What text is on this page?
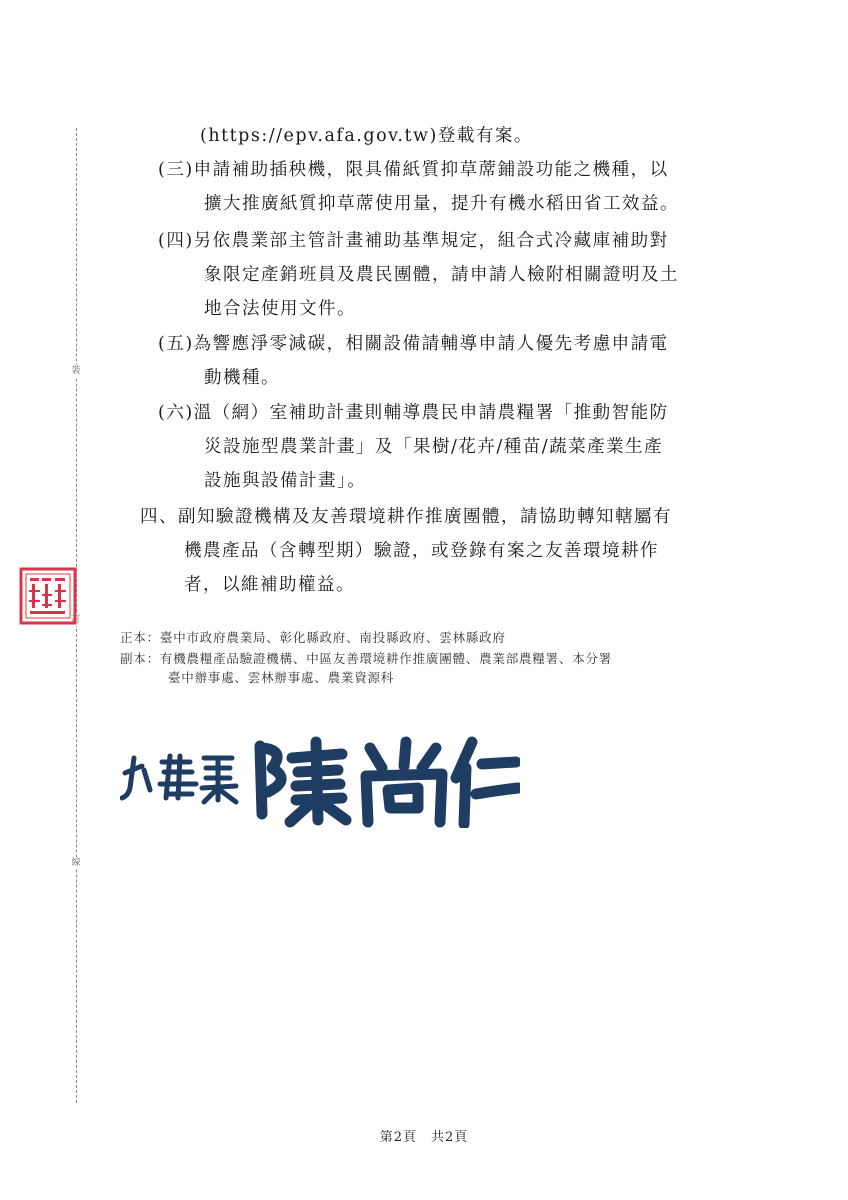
裝
訂
線

(https://epv.afa.gov.tw)登載有案。

(三)申請補助插秧機，限具備紙質抑草蓆鋪設功能之機種，以

擴大推廣紙質抑草蓆使用量，提升有機水稻田省工效益。

(四)另依農業部主管計畫補助基準規定，組合式冷藏庫補助對

象限定產銷班員及農民團體，請申請人檢附相關證明及土

地合法使用文件。

(五)為響應淨零減碳，相關設備請輔導申請人優先考慮申請電

動機種。

(六)溫（網）室補助計畫則輔導農民申請農糧署「推動智能防

災設施型農業計畫」及「果樹/花卉/種苗/蔬菜產業生產

設施與設備計畫」。

四、副知驗證機構及友善環境耕作推廣團體，請協助轉知轄屬有

機農產品（含轉型期）驗證，或登錄有案之友善環境耕作

者，以維補助權益。

正本：臺中市政府農業局、彰化縣政府、南投縣政府、雲林縣政府
副本：有機農糧產品驗證機構、中區友善環境耕作推廣團體、農業部農糧署、本分署
臺中辦事處、雲林辦事處、農業資源科
第2頁　共2頁
